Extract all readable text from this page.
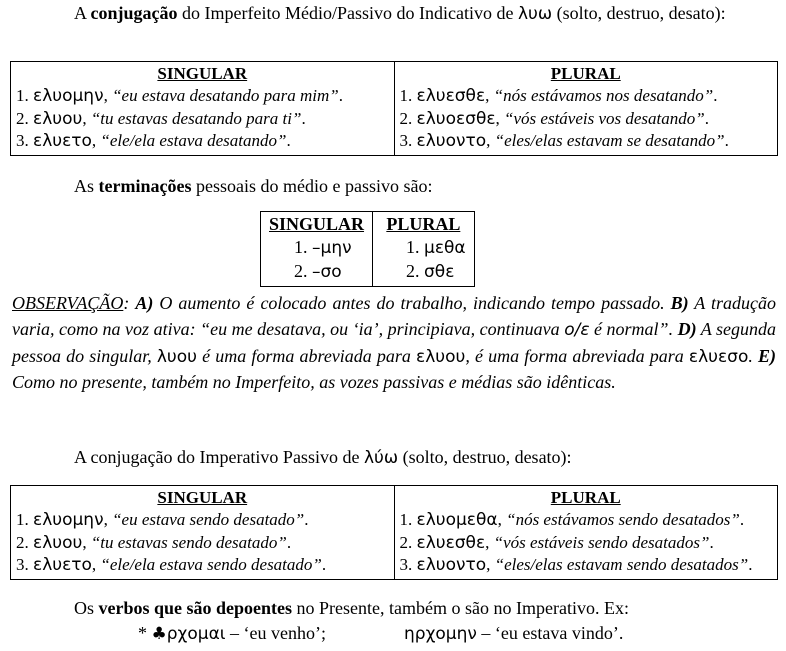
A conjugação do Imperfeito Médio/Passivo do Indicativo de λυω (solto, destruo, desato):

SINGULAR
1. ελυομην, “eu estava desatando para mim”.
2. ελυου, “tu estavas desatando para ti”.
3. ελυετο, “ele/ela estava desatando”.

PLURAL
1. ελυεσθε, “nós estávamos nos desatando”.
2. ελυοεσθε, “vós estáveis vos desatando”.
3. ελυοντο, “eles/elas estavam se desatando”.

As terminações pessoais do médio e passivo são:

SINGULAR
1. –μην
2. –σο

PLURAL
1. μεθα
2. σθε

OBSERVAÇÃO: A) O aumento é colocado antes do trabalho, indicando tempo passado. B) A tradução varia, como na voz ativa: “eu me desatava, ou ‘ia’, principiava, continuava ο/ε é normal”. D) A segunda pessoa do singular, λυου é uma forma abreviada para ελυου, é uma forma abreviada para ελυεσο. E) Como no presente, também no Imperfeito, as vozes passivas e médias são idênticas.

A conjugação do Imperativo Passivo de λύω (solto, destruo, desato):

SINGULAR
1. ελυομην, “eu estava sendo desatado”.
2. ελυου, “tu estavas sendo desatado”.
3. ελυετο, “ele/ela estava sendo desatado”.

PLURAL
1. ελυομεθα, “nós estávamos sendo desatados”.
2. ελυεσθε, “vós estáveis sendo desatados”.
3. ελυοντο, “eles/elas estavam sendo desatados”.

Os verbos que são depoentes no Presente, também o são no Imperativo. Ex:

* ♣ρχομαι – ‘eu venho’;	ηρχομην – ‘eu estava vindo’.
